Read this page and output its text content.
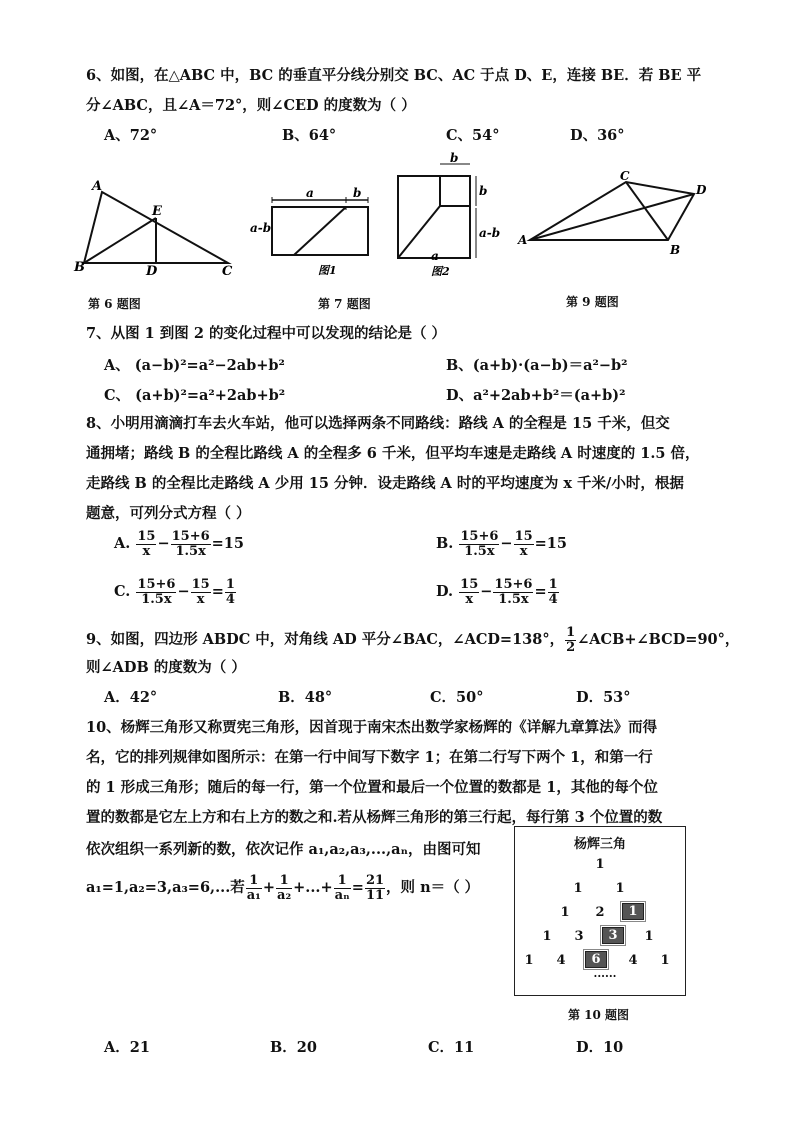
6、如图，在△ABC 中，BC 的垂直平分线分别交 BC、AC 于点 D、E，连接 BE．若 BE 平
分∠ABC，且∠A＝72°，则∠CED 的度数为（ ）
A、72°	B、64°	C、54°	D、36°
A
E
B	D	C
a	b
a-b
图1
b
b
a-b
a
图2
C
D
A
B
第 6 题图	第 7 题图	第 9 题图
7、从图 1 到图 2 的变化过程中可以发现的结论是（ ）
A、 (a−b)²=a²−2ab+b²	B、(a+b)·(a−b)＝a²−b²
C、 (a+b)²=a²+2ab+b²	D、a²+2ab+b²＝(a+b)²
8、小明用滴滴打车去火车站，他可以选择两条不同路线：路线 A 的全程是 15 千米，但交
通拥堵；路线 B 的全程比路线 A 的全程多 6 千米，但平均车速是走路线 A 时速度的 1.5 倍，
走路线 B 的全程比走路线 A 少用 15 分钟．设走路线 A 时的平均速度为 x 千米/小时，根据
题意，可列分式方程（ ）
A. $\frac{15}{x} - \frac{15+6}{1.5x} =15$	B. $\frac{15+6}{1.5x} - \frac{15}{x} =15$
C. $\frac{15+6}{1.5x} - \frac{15}{x} = \frac{1}{4}$	D. $\frac{15}{x} - \frac{15+6}{1.5x} = \frac{1}{4}$
9、如图，四边形 ABDC 中，对角线 AD 平分∠BAC，∠ACD=138°， $\frac{1}{2}$ ∠ACB+∠BCD=90°，
则∠ADB 的度数为（ ）
A．42°	B．48°	C．50°	D．53°
10、杨辉三角形又称贾宪三角形，因首现于南宋杰出数学家杨辉的《详解九章算法》而得
名，它的排列规律如图所示：在第一行中间写下数字 1；在第二行写下两个 1，和第一行
的 1 形成三角形；随后的每一行，第一个位置和最后一个位置的数都是 1，其他的每个位
置的数都是它左上方和右上方的数之和.若从杨辉三角形的第三行起，每行第 3 个位置的数
依次组织一系列新的数，依次记作 a₁,a₂,a₃,...,aₙ，由图可知
a₁=1,a₂=3,a₃=6,...若 $\frac{1}{\text{a₁}} + \frac{1}{\text{a₂}}$ +...+ $\frac{1}{\text{aₙ}} = \frac{21}{11}$ ，则 n＝（ ）
杨辉三角
1
1	1
1	2	1
1	3	3	1
1	4	6	4	1
......
第 10 题图
A．21	B．20	C．11	D．10
